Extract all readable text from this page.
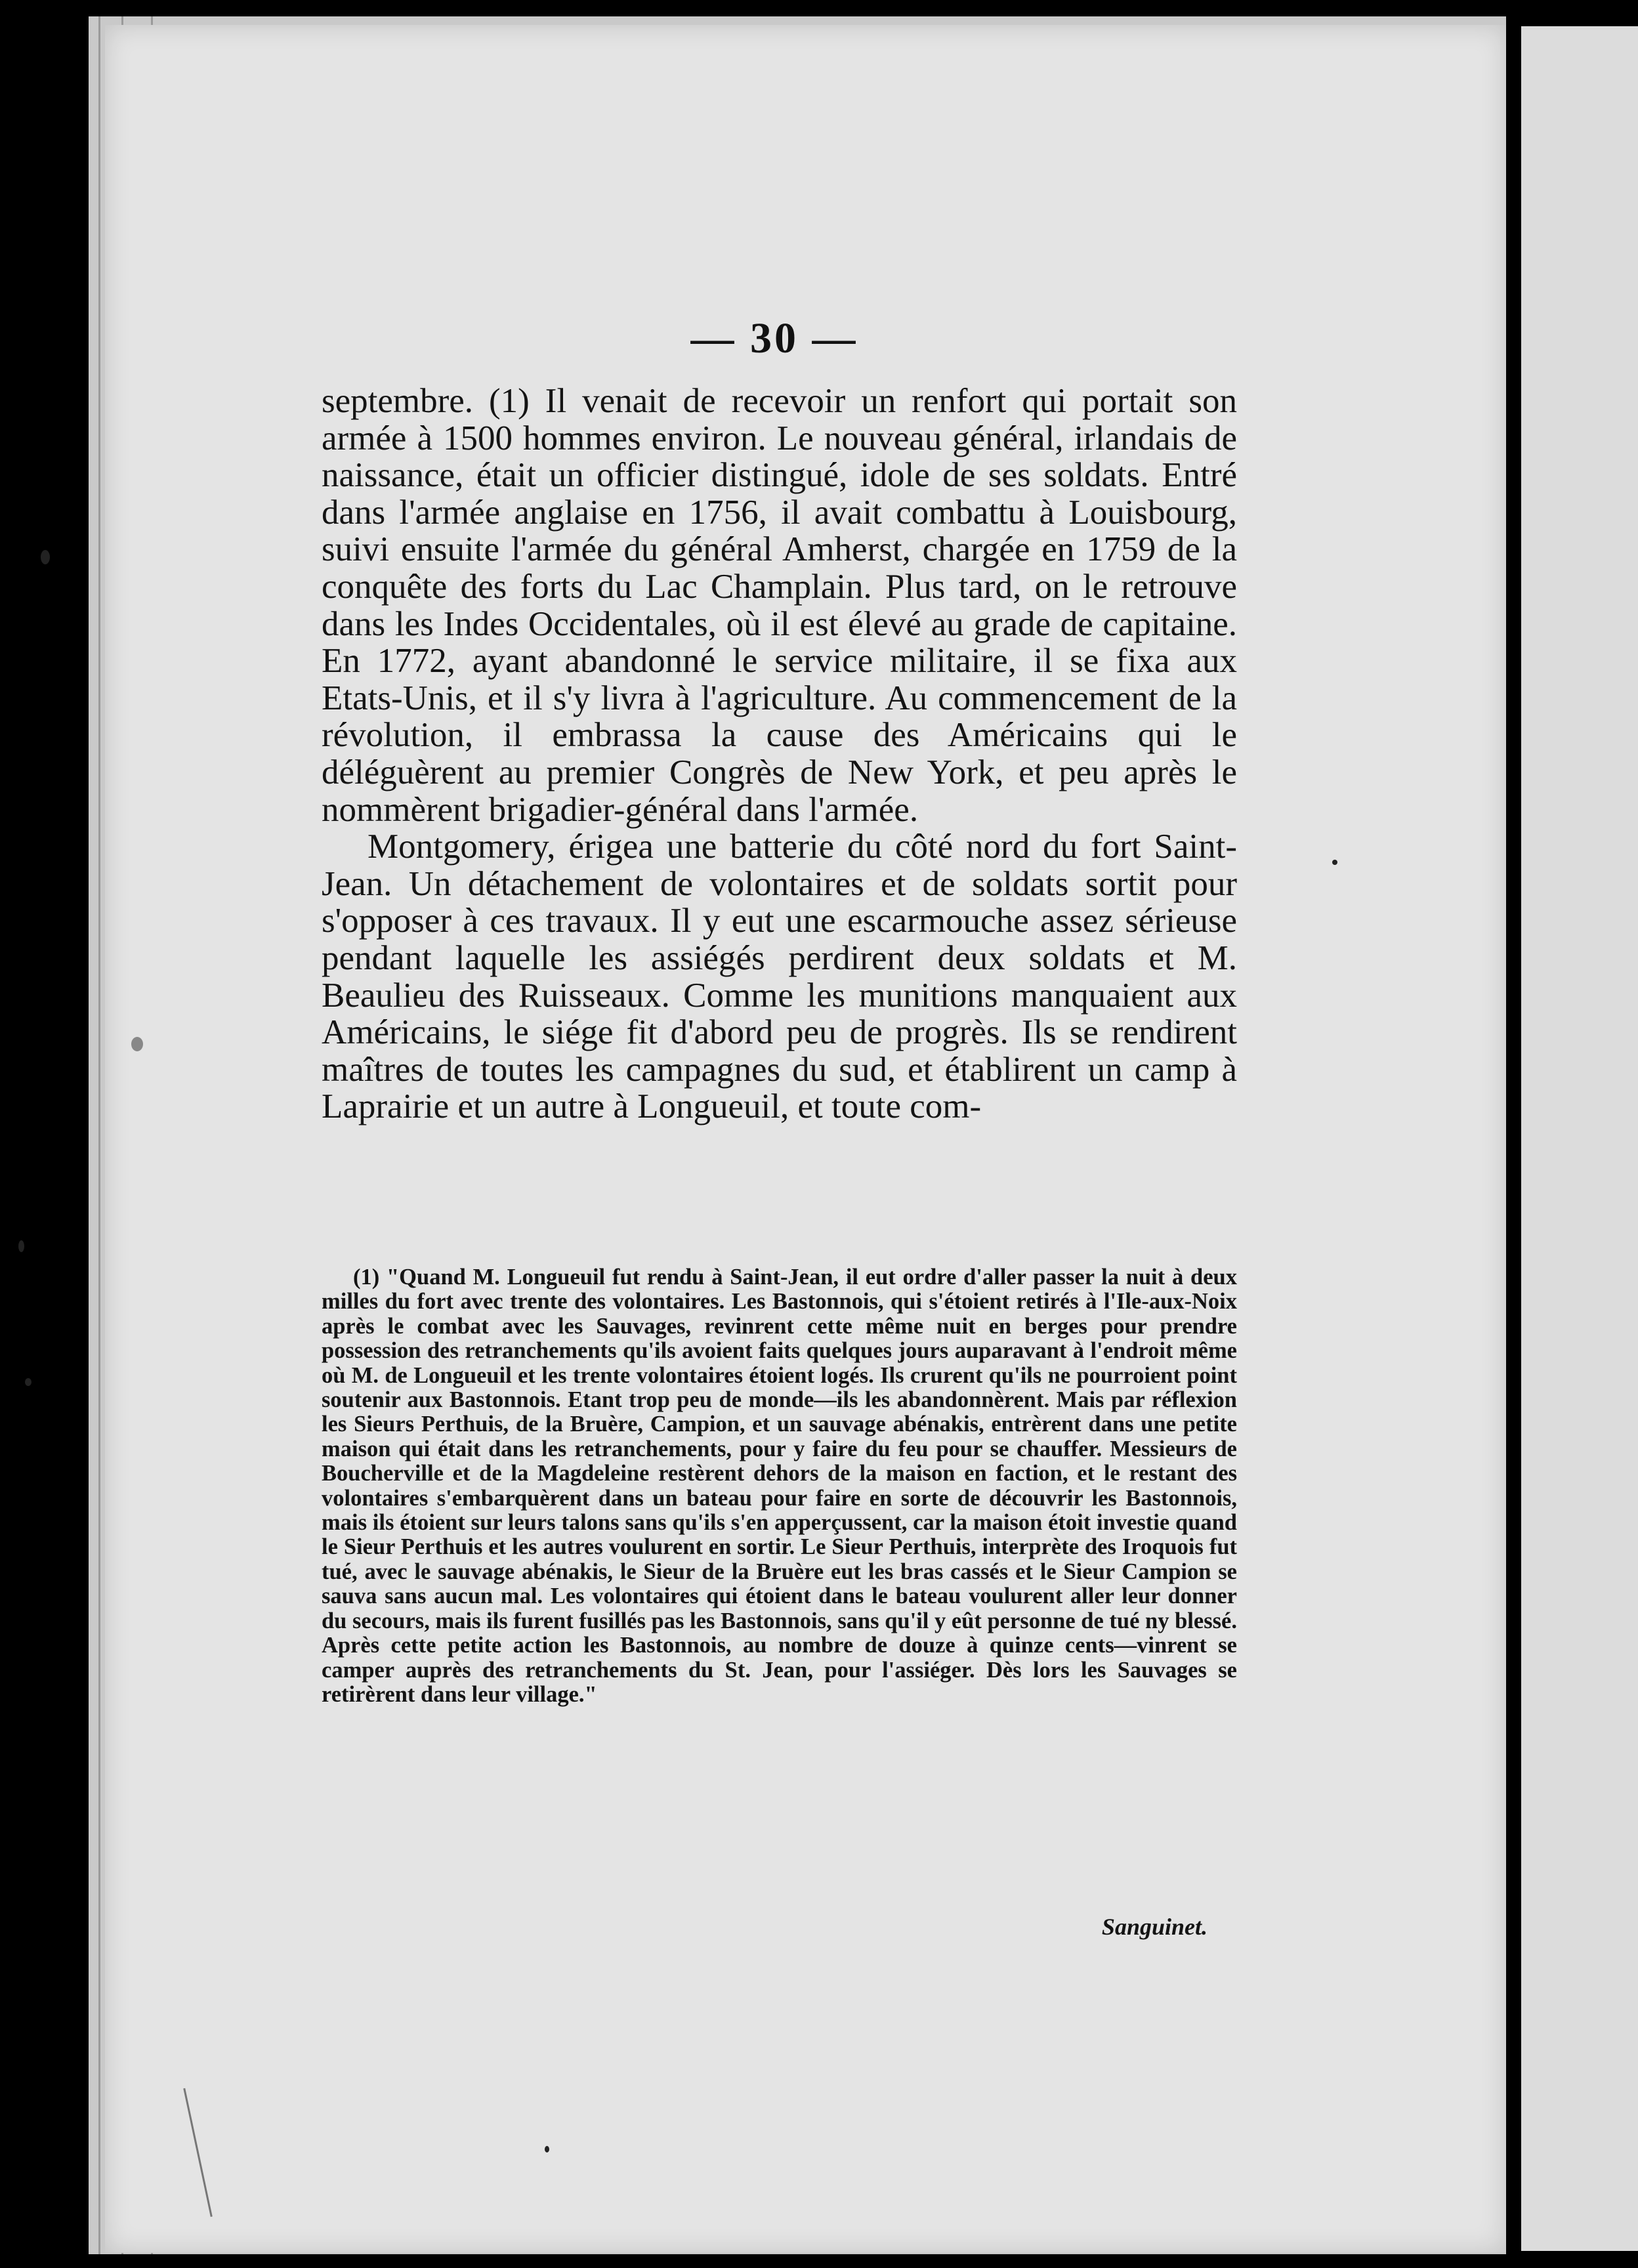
— 30 —

septembre. (1) Il venait de recevoir un renfort qui portait son armée à 1500 hommes environ. Le nouveau général, irlandais de naissance, était un officier distingué, idole de ses soldats. Entré dans l'armée anglaise en 1756, il avait combattu à Louisbourg, suivi ensuite l'armée du général Amherst, chargée en 1759 de la conquête des forts du Lac Champlain. Plus tard, on le retrouve dans les Indes Occidentales, où il est élevé au grade de capitaine. En 1772, ayant abandonné le service militaire, il se fixa aux Etats-Unis, et il s'y livra à l'agriculture. Au commencement de la révolution, il embrassa la cause des Américains qui le déléguèrent au premier Congrès de New York, et peu après le nommèrent brigadier-général dans l'armée.

Montgomery, érigea une batterie du côté nord du fort Saint-Jean. Un détachement de volontaires et de soldats sortit pour s'opposer à ces travaux. Il y eut une escarmouche assez sérieuse pendant laquelle les assiégés perdirent deux soldats et M. Beaulieu des Ruisseaux. Comme les munitions manquaient aux Américains, le siége fit d'abord peu de progrès. Ils se rendirent maîtres de toutes les campagnes du sud, et établirent un camp à Laprairie et un autre à Longueuil, et toute com-

(1) "Quand M. Longueuil fut rendu à Saint-Jean, il eut ordre d'aller passer la nuit à deux milles du fort avec trente des volontaires. Les Bastonnois, qui s'étoient retirés à l'Ile-aux-Noix après le combat avec les Sauvages, revinrent cette même nuit en berges pour prendre possession des retranchements qu'ils avoient faits quelques jours auparavant à l'endroit même où M. de Longueuil et les trente volontaires étoient logés. Ils crurent qu'ils ne pourroient point soutenir aux Bastonnois. Etant trop peu de monde—ils les abandonnèrent. Mais par réflexion les Sieurs Perthuis, de la Bruère, Campion, et un sauvage abénakis, entrèrent dans une petite maison qui était dans les retranchements, pour y faire du feu pour se chauffer. Messieurs de Boucherville et de la Magdeleine restèrent dehors de la maison en faction, et le restant des volontaires s'embarquèrent dans un bateau pour faire en sorte de découvrir les Bastonnois, mais ils étoient sur leurs talons sans qu'ils s'en apperçussent, car la maison étoit investie quand le Sieur Perthuis et les autres voulurent en sortir. Le Sieur Perthuis, interprète des Iroquois fut tué, avec le sauvage abénakis, le Sieur de la Bruère eut les bras cassés et le Sieur Campion se sauva sans aucun mal. Les volontaires qui étoient dans le bateau voulurent aller leur donner du secours, mais ils furent fusillés pas les Bastonnois, sans qu'il y eût personne de tué ny blessé. Après cette petite action les Bastonnois, au nombre de douze à quinze cents—vinrent se camper auprès des retranchements du St. Jean, pour l'assiéger. Dès lors les Sauvages se retirèrent dans leur village."

Sanguinet.
